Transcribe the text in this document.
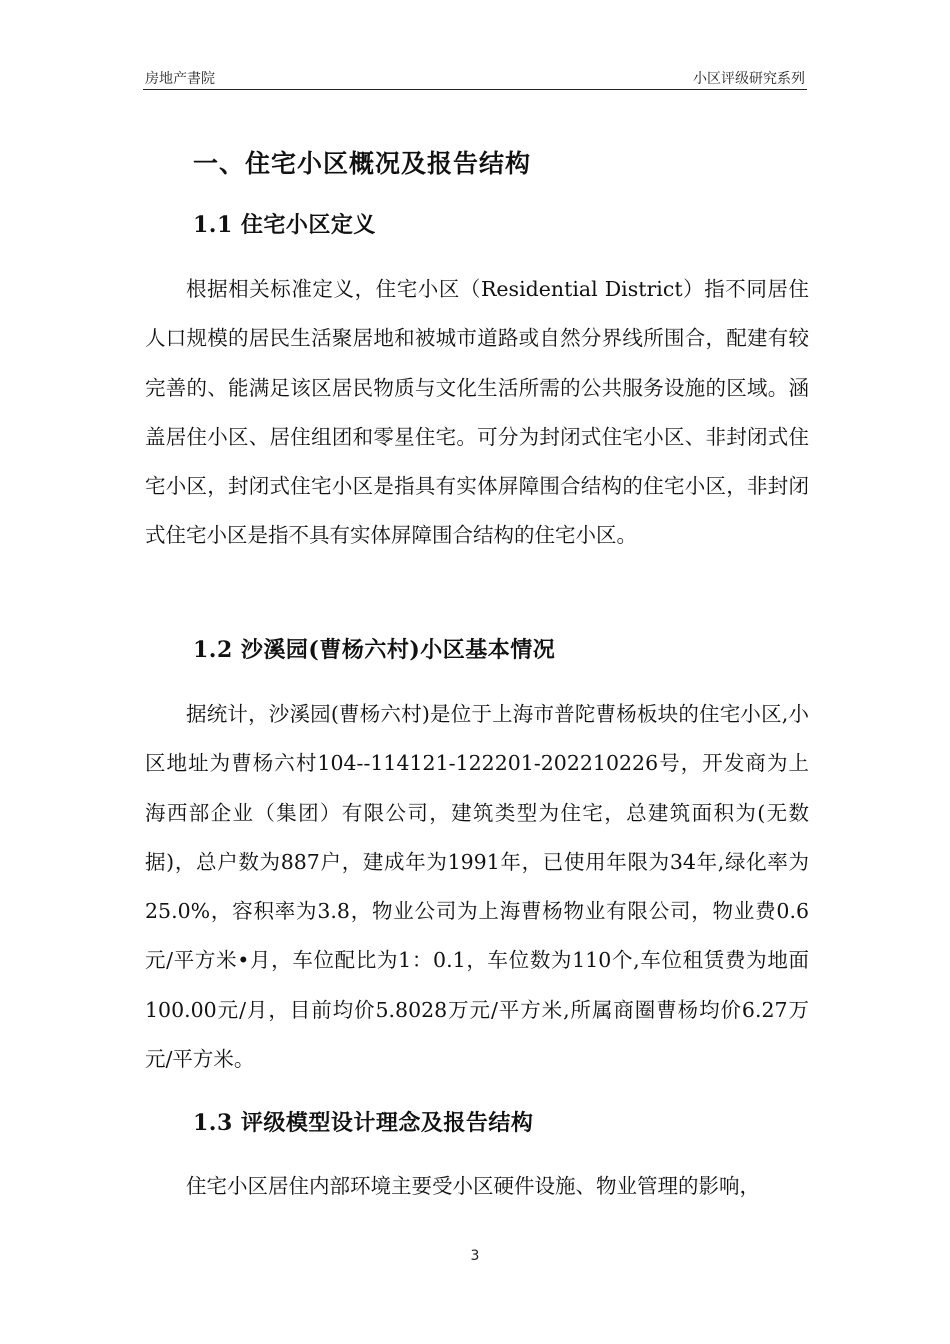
房地产書院	小区评级研究系列
一、住宅小区概况及报告结构
1.1 住宅小区定义

根据相关标准定义，住宅小区（Residential District）指不同居住人口规模的居民生活聚居地和被城市道路或自然分界线所围合，配建有较完善的、能满足该区居民物质与文化生活所需的公共服务设施的区域。涵盖居住小区、居住组团和零星住宅。可分为封闭式住宅小区、非封闭式住宅小区，封闭式住宅小区是指具有实体屏障围合结构的住宅小区，非封闭式住宅小区是指不具有实体屏障围合结构的住宅小区。

1.2 沙溪园(曹杨六村)小区基本情况

据统计，沙溪园(曹杨六村)是位于上海市普陀曹杨板块的住宅小区,小区地址为曹杨六村104--114121-122201-202210226号，开发商为上海西部企业（集团）有限公司，建筑类型为住宅，总建筑面积为(无数据)，总户数为887户，建成年为1991年，已使用年限为34年,绿化率为25.0%，容积率为3.8，物业公司为上海曹杨物业有限公司，物业费0.6元/平方米•月，车位配比为1：0.1，车位数为110个,车位租赁费为地面100.00元/月，目前均价5.8028万元/平方米,所属商圈曹杨均价6.27万元/平方米。

1.3 评级模型设计理念及报告结构

住宅小区居住内部环境主要受小区硬件设施、物业管理的影响，

3
